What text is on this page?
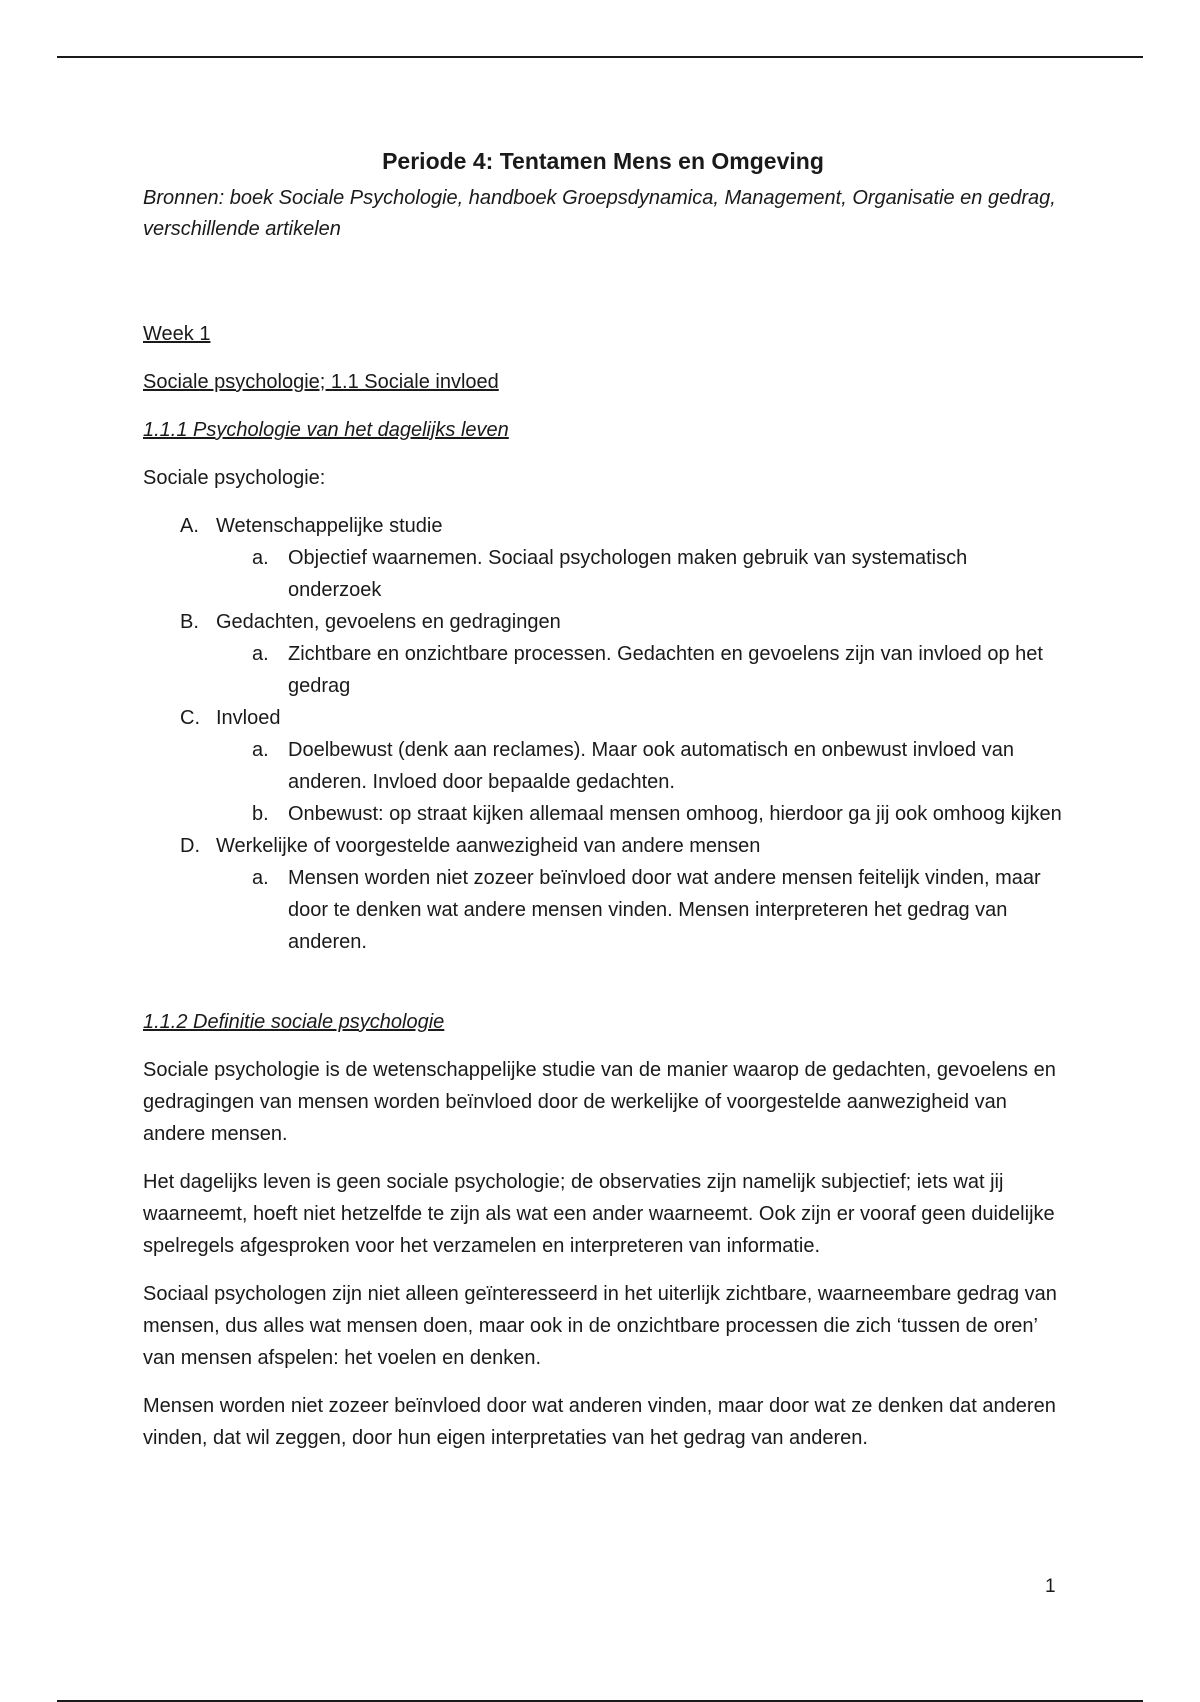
Periode 4: Tentamen Mens en Omgeving

Bronnen: boek Sociale Psychologie, handboek Groepsdynamica, Management, Organisatie en gedrag, verschillende artikelen

Week 1

Sociale psychologie; 1.1 Sociale invloed

1.1.1 Psychologie van het dagelijks leven

Sociale psychologie:

A. Wetenschappelijke studie
a. Objectief waarnemen. Sociaal psychologen maken gebruik van systematisch onderzoek
B. Gedachten, gevoelens en gedragingen
a. Zichtbare en onzichtbare processen. Gedachten en gevoelens zijn van invloed op het gedrag
C. Invloed
a. Doelbewust (denk aan reclames). Maar ook automatisch en onbewust invloed van anderen. Invloed door bepaalde gedachten.
b. Onbewust: op straat kijken allemaal mensen omhoog, hierdoor ga jij ook omhoog kijken
D. Werkelijke of voorgestelde aanwezigheid van andere mensen
a. Mensen worden niet zozeer beïnvloed door wat andere mensen feitelijk vinden, maar door te denken wat andere mensen vinden. Mensen interpreteren het gedrag van anderen.

1.1.2 Definitie sociale psychologie

Sociale psychologie is de wetenschappelijke studie van de manier waarop de gedachten, gevoelens en gedragingen van mensen worden beïnvloed door de werkelijke of voorgestelde aanwezigheid van andere mensen.

Het dagelijks leven is geen sociale psychologie; de observaties zijn namelijk subjectief; iets wat jij waarneemt, hoeft niet hetzelfde te zijn als wat een ander waarneemt. Ook zijn er vooraf geen duidelijke spelregels afgesproken voor het verzamelen en interpreteren van informatie.

Sociaal psychologen zijn niet alleen geïnteresseerd in het uiterlijk zichtbare, waarneembare gedrag van mensen, dus alles wat mensen doen, maar ook in de onzichtbare processen die zich ‘tussen de oren’ van mensen afspelen: het voelen en denken.

Mensen worden niet zozeer beïnvloed door wat anderen vinden, maar door wat ze denken dat anderen vinden, dat wil zeggen, door hun eigen interpretaties van het gedrag van anderen.

1
